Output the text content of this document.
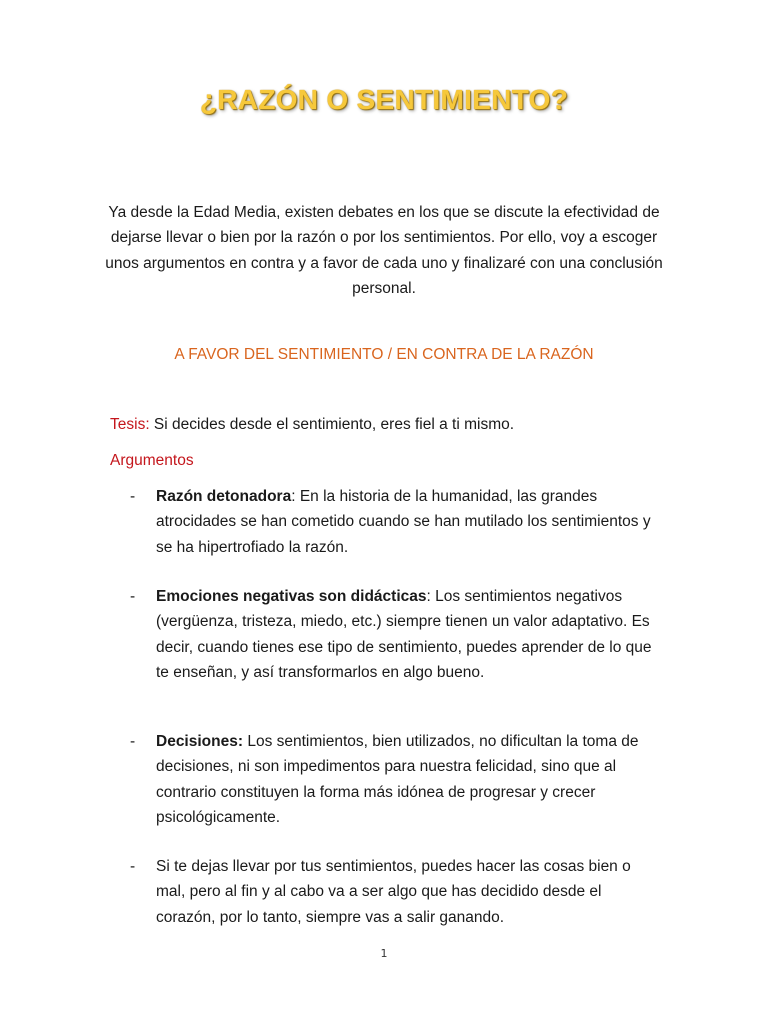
¿RAZÓN O SENTIMIENTO?
Ya desde la Edad Media, existen debates en los que se discute la efectividad de dejarse llevar o bien por la razón o por los sentimientos. Por ello, voy a escoger unos argumentos en contra y a favor de cada uno y finalizaré con una conclusión personal.
A FAVOR DEL SENTIMIENTO / EN CONTRA DE LA RAZÓN
Tesis: Si decides desde el sentimiento, eres fiel a ti mismo.
Argumentos
- Razón detonadora: En la historia de la humanidad, las grandes atrocidades se han cometido cuando se han mutilado los sentimientos y se ha hipertrofiado la razón.
- Emociones negativas son didácticas: Los sentimientos negativos (vergüenza, tristeza, miedo, etc.) siempre tienen un valor adaptativo. Es decir, cuando tienes ese tipo de sentimiento, puedes aprender de lo que te enseñan, y así transformarlos en algo bueno.
- Decisiones: Los sentimientos, bien utilizados, no dificultan la toma de decisiones, ni son impedimentos para nuestra felicidad, sino que al contrario constituyen la forma más idónea de progresar y crecer psicológicamente.
- Si te dejas llevar por tus sentimientos, puedes hacer las cosas bien o mal, pero al fin y al cabo va a ser algo que has decidido desde el corazón, por lo tanto, siempre vas a salir ganando.
1
